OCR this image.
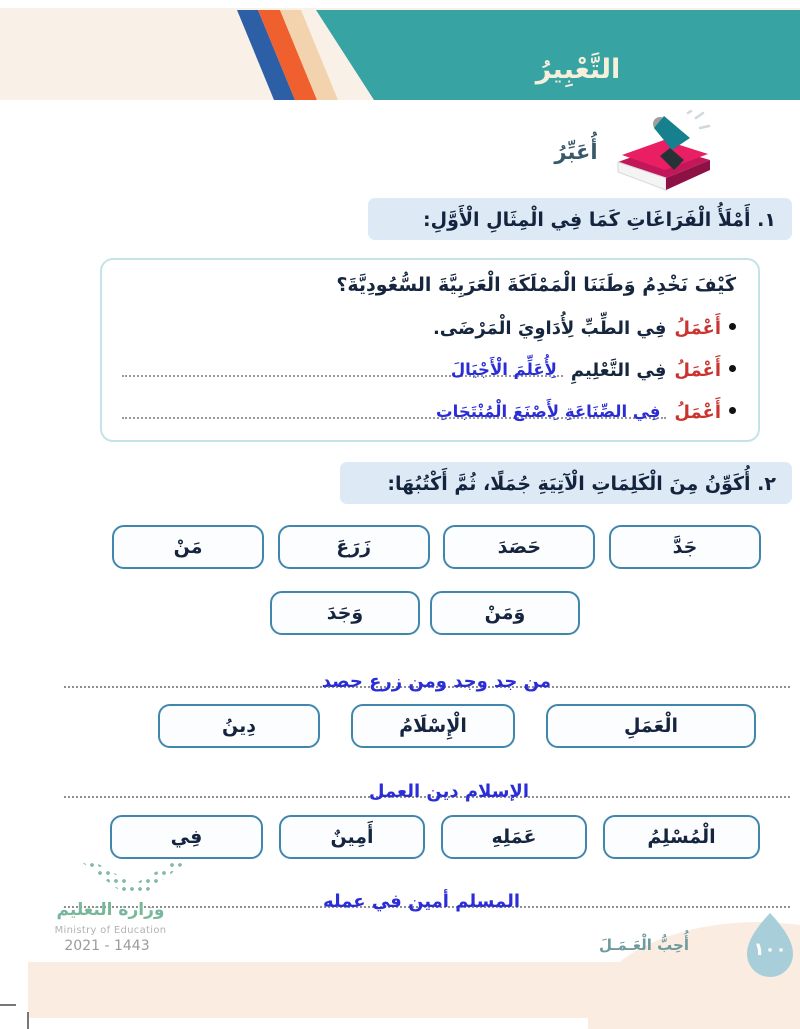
التَّعْبِيرُ
أُعَبِّرُ
١. أَمْلَأُ الْفَرَاغَاتِ كَمَا فِي الْمِثَالِ الْأَوَّلِ:
كَيْفَ نَخْدِمُ وَطَنَنَا الْمَمْلَكَةَ الْعَرَبِيَّةَ السُّعُودِيَّةَ؟
أَعْمَلُ
فِي الطِّبِّ لِأُدَاوِيَ الْمَرْضَى.
أَعْمَلُ
فِي التَّعْلِيمِ
لِأُعَلِّمَ الْأَجْيَالَ
أَعْمَلُ
فِي الصِّنَاعَةِ لِأَصْنَعَ الْمُنْتَجَاتِ
٢. أُكَوِّنُ مِنَ الْكَلِمَاتِ الْآتِيَةِ جُمَلًا، ثُمَّ أَكْتُبُهَا:
جَدَّ
حَصَدَ
زَرَعَ
مَنْ
وَمَنْ
وَجَدَ
من جد وجد ومن زرع حصد
الْعَمَلِ
الْإِسْلَامُ
دِينُ
الإسلام دين العمل
الْمُسْلِمُ
عَمَلِهِ
أَمِينٌ
فِي
المسلم أمين في عمله
وزارة التعليم
Ministry of Education
2021 - 1443	أُحِبُّ الْعَـمَـلَ	١٠٠
